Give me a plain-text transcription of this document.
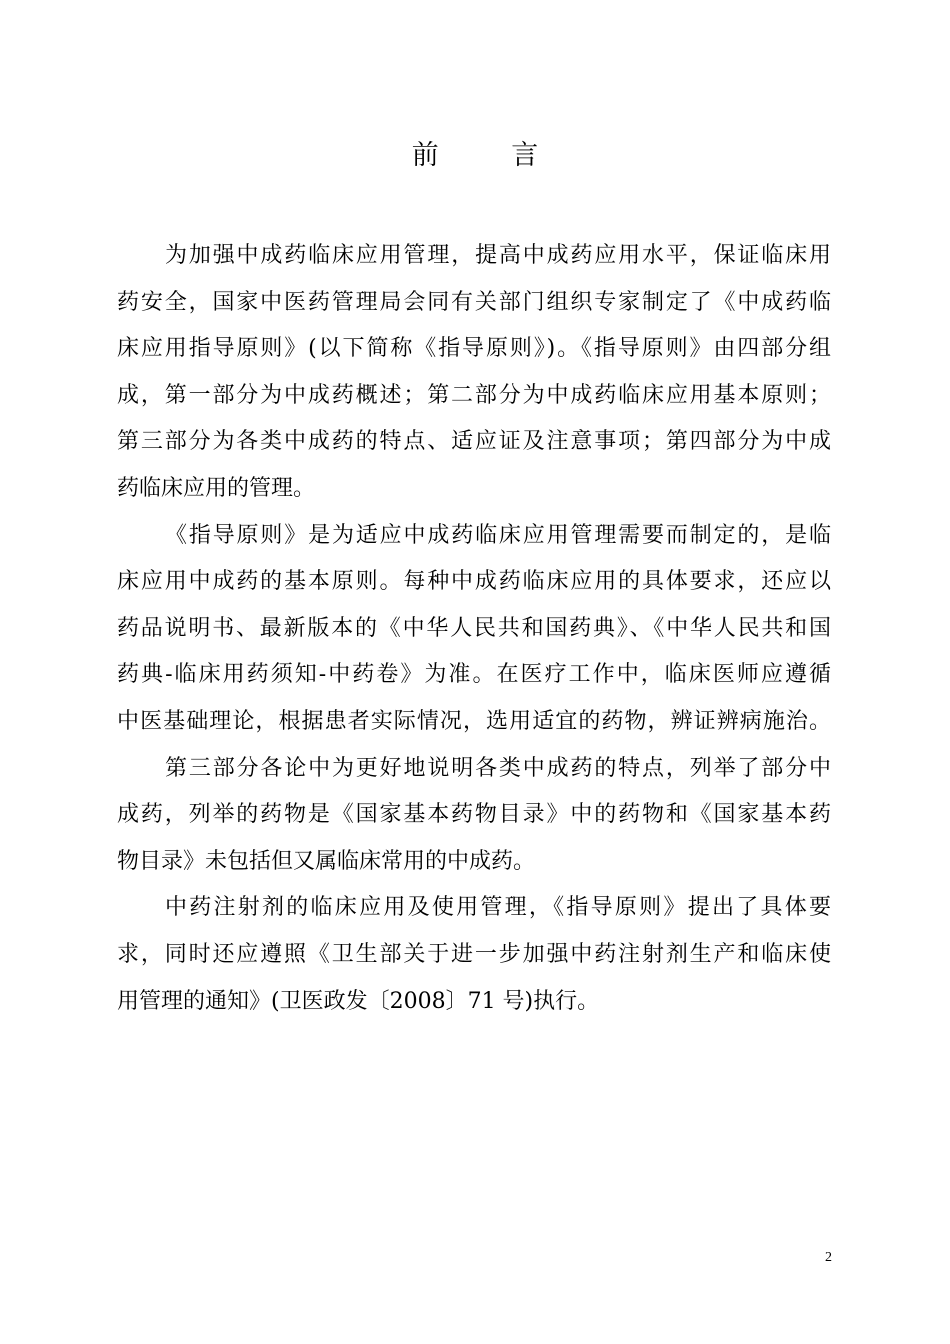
前 言
为加强中成药临床应用管理，提高中成药应用水平，保证临床用
药安全，国家中医药管理局会同有关部门组织专家制定了《中成药临
床应用指导原则》(以下简称《指导原则》)。《指导原则》由四部分组
成，第一部分为中成药概述；第二部分为中成药临床应用基本原则；
第三部分为各类中成药的特点、适应证及注意事项；第四部分为中成
药临床应用的管理。
《指导原则》是为适应中成药临床应用管理需要而制定的，是临
床应用中成药的基本原则。每种中成药临床应用的具体要求，还应以
药品说明书、最新版本的《中华人民共和国药典》、《中华人民共和国
药典-临床用药须知-中药卷》为准。在医疗工作中，临床医师应遵循
中医基础理论，根据患者实际情况，选用适宜的药物，辨证辨病施治。
第三部分各论中为更好地说明各类中成药的特点，列举了部分中
成药，列举的药物是《国家基本药物目录》中的药物和《国家基本药
物目录》未包括但又属临床常用的中成药。
中药注射剂的临床应用及使用管理，《指导原则》提出了具体要
求，同时还应遵照《卫生部关于进一步加强中药注射剂生产和临床使
用管理的通知》(卫医政发〔2008〕71 号)执行。
2
